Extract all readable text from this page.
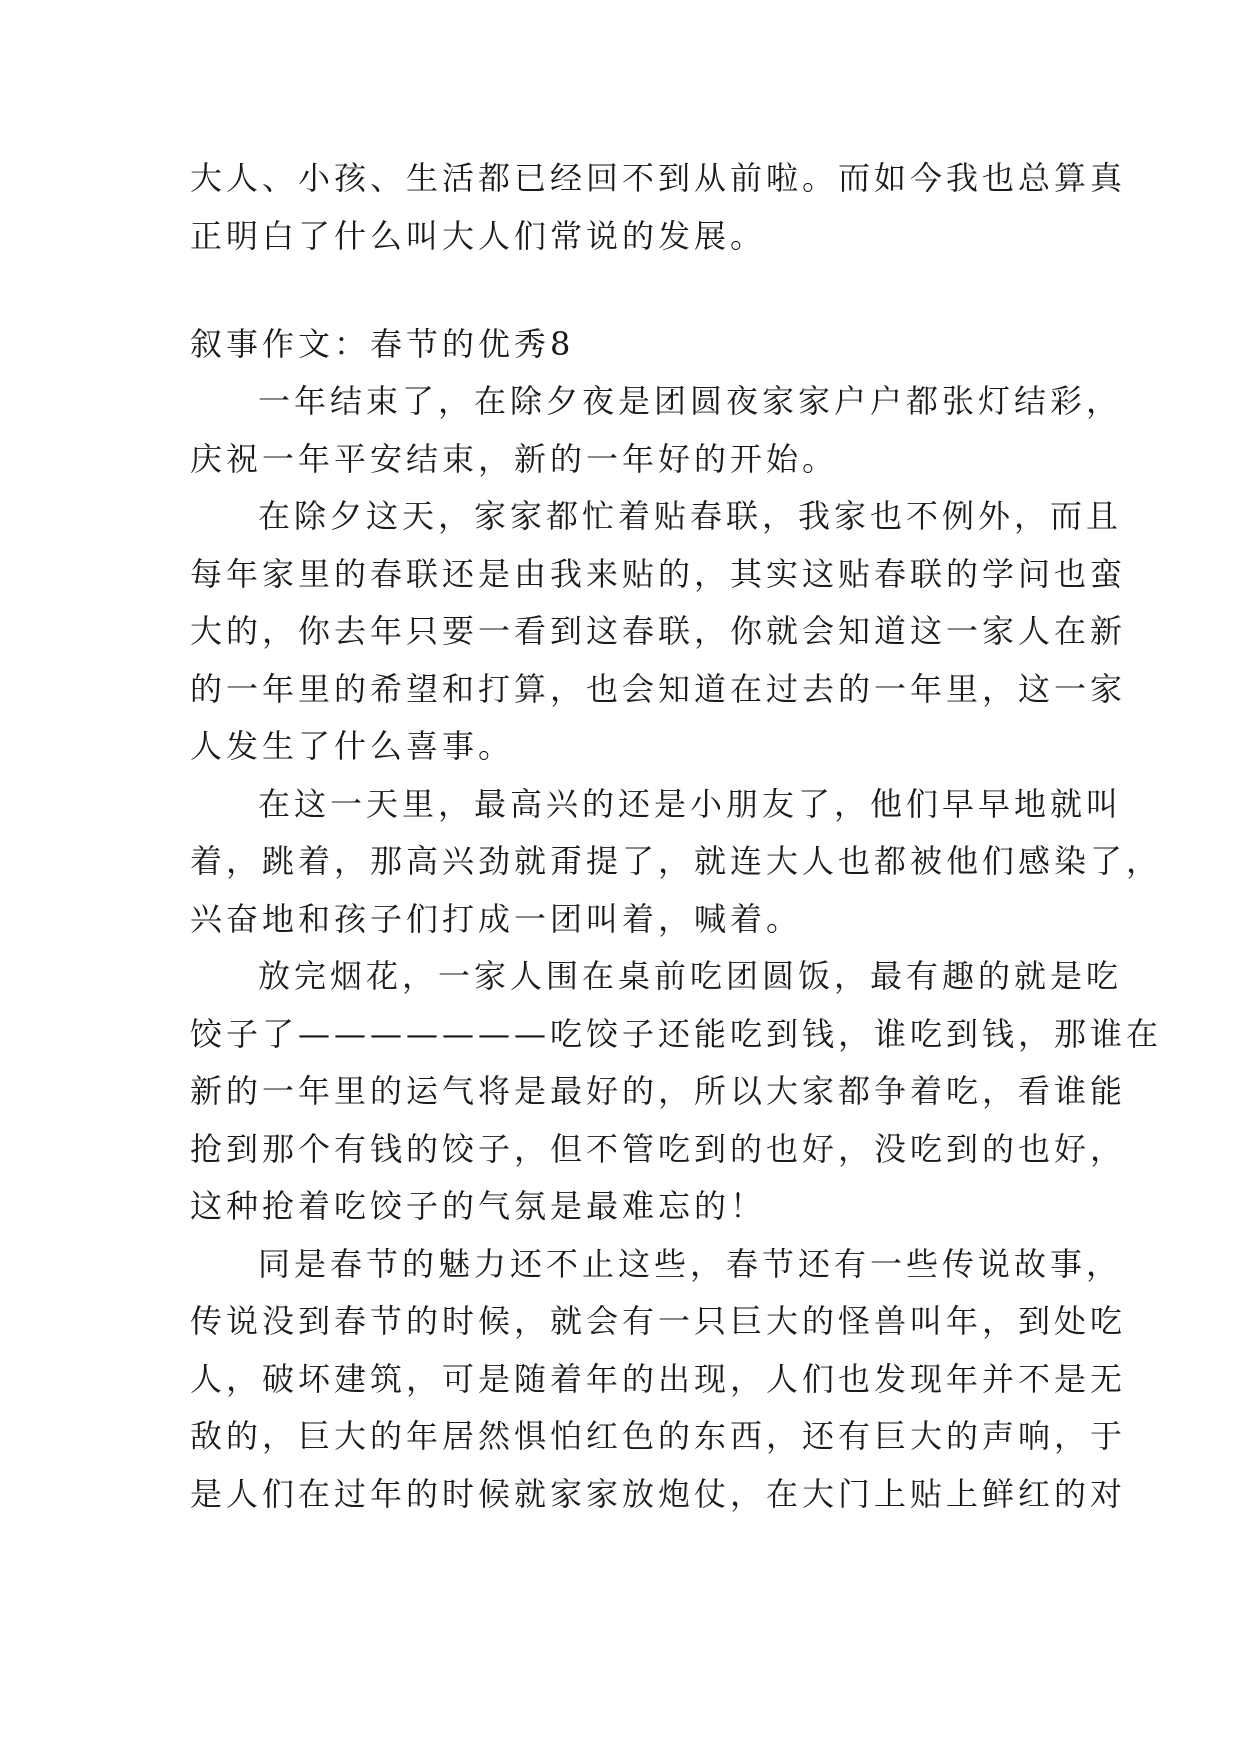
大人、小孩、生活都已经回不到从前啦。而如今我也总算真
正明白了什么叫大人们常说的发展。
叙事作文：春节的优秀8
一年结束了，在除夕夜是团圆夜家家户户都张灯结彩，
庆祝一年平安结束，新的一年好的开始。
在除夕这天，家家都忙着贴春联，我家也不例外，而且
每年家里的春联还是由我来贴的，其实这贴春联的学问也蛮
大的，你去年只要一看到这春联，你就会知道这一家人在新
的一年里的希望和打算，也会知道在过去的一年里，这一家
人发生了什么喜事。
在这一天里，最高兴的还是小朋友了，他们早早地就叫
着，跳着，那高兴劲就甭提了，就连大人也都被他们感染了，
兴奋地和孩子们打成一团叫着，喊着。
放完烟花，一家人围在桌前吃团圆饭，最有趣的就是吃
饺子了———————吃饺子还能吃到钱，谁吃到钱，那谁在
新的一年里的运气将是最好的，所以大家都争着吃，看谁能
抢到那个有钱的饺子，但不管吃到的也好，没吃到的也好，
这种抢着吃饺子的气氛是最难忘的！
同是春节的魅力还不止这些，春节还有一些传说故事，
传说没到春节的时候，就会有一只巨大的怪兽叫年，到处吃
人，破坏建筑，可是随着年的出现，人们也发现年并不是无
敌的，巨大的年居然惧怕红色的东西，还有巨大的声响，于
是人们在过年的时候就家家放炮仗，在大门上贴上鲜红的对
